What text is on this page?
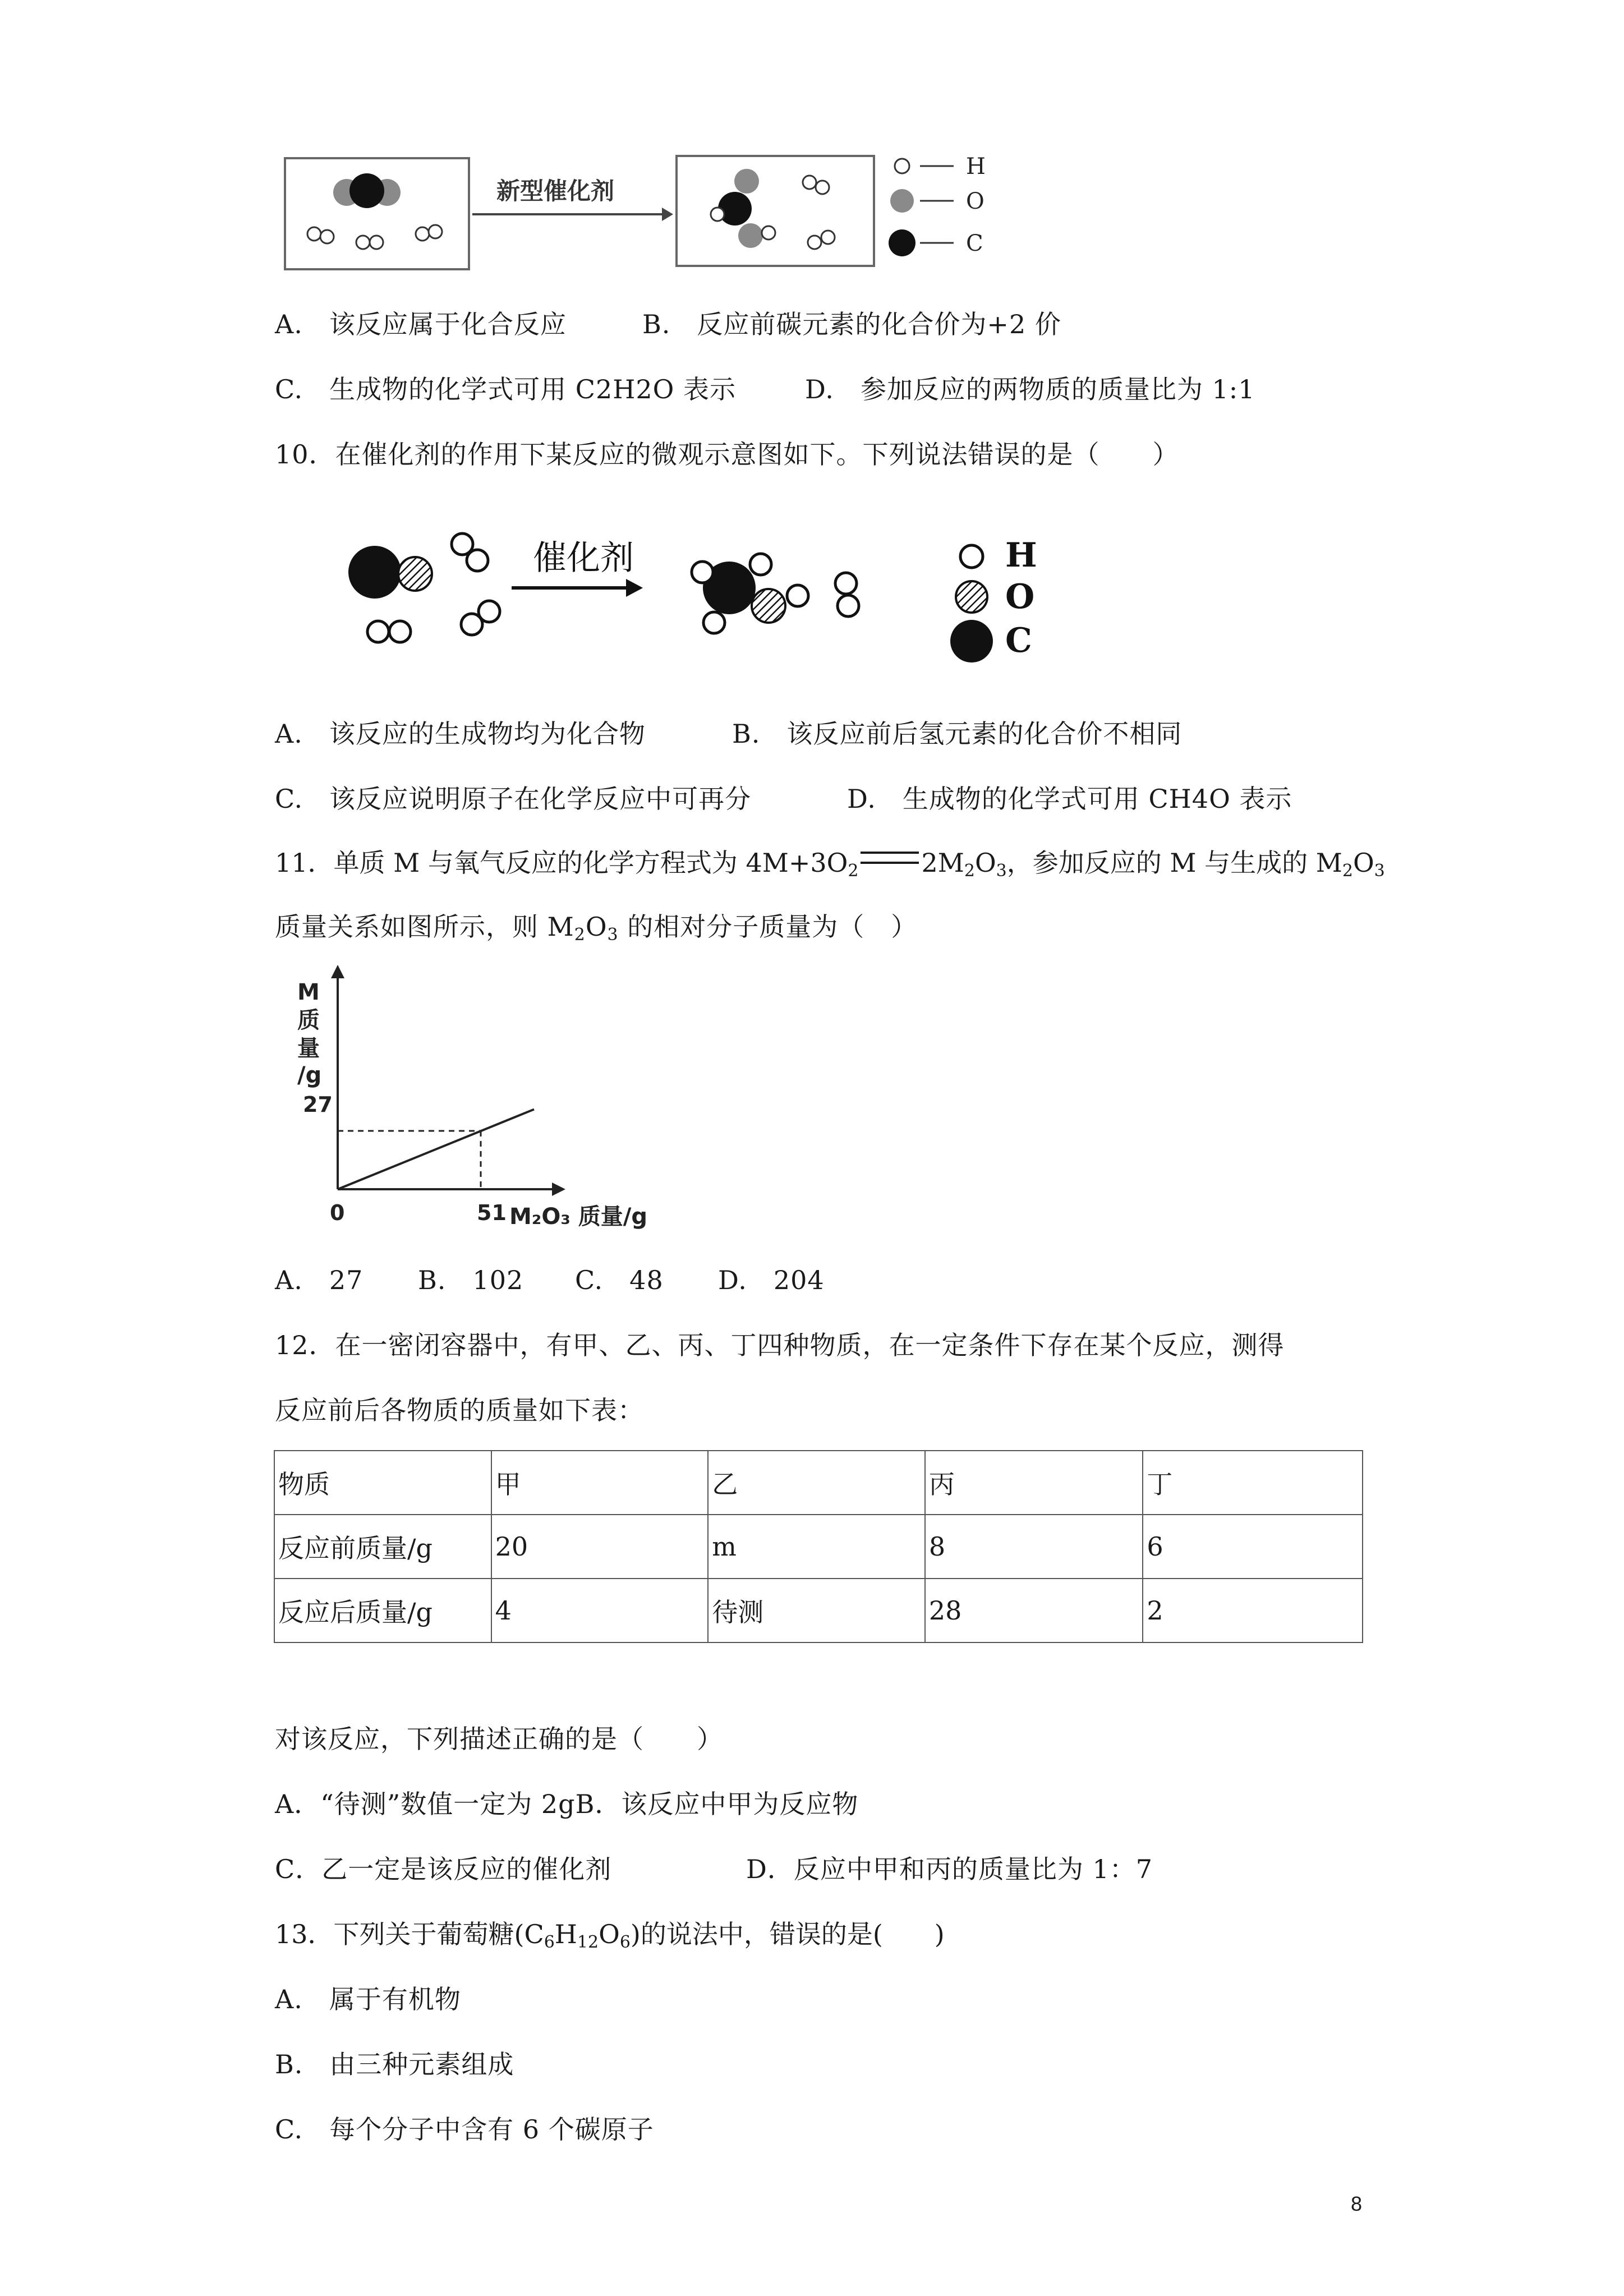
新型催化剂
H
O
C
A.　该反应属于化合反应	B.　反应前碳元素的化合价为+2 价
C.　生成物的化学式可用 C2H2O 表示	D.　参加反应的两物质的质量比为 1:1
10．在催化剂的作用下某反应的微观示意图如下。下列说法错误的是（　　）
催化剂	H
O
C
A.　该反应的生成物均为化合物	B.　该反应前后氢元素的化合价不相同
C.　该反应说明原子在化学反应中可再分	D.　生成物的化学式可用 CH4O 表示
11．单质 M 与氧气反应的化学方程式为 $4M+3O_2$ $2M_2O_3$，参加反应的 M 与生成的 $M_2O_3$
质量关系如图所示，则 $M_2O_3$ 的相对分子质量为（　）
M
质
量
/g
27
0	51 M₂O₃ 质量/g
A.　27 B.　102 C.　48 D.　204
12．在一密闭容器中，有甲、乙、丙、丁四种物质，在一定条件下存在某个反应，测得
反应前后各物质的质量如下表：
物质	甲	乙	丙	丁
反应前质量/g	20	m	8	6
反应后质量/g	4	待测	28	2
对该反应，下列描述正确的是（　　）
A．“待测”数值一定为 2gB．该反应中甲为反应物
C．乙一定是该反应的催化剂	D．反应中甲和丙的质量比为 1：7
13．下列关于葡萄糖$(C_6H_{12}O_6)$的说法中，错误的是(　　)
A.　属于有机物
B.　由三种元素组成
C.　每个分子中含有 6 个碳原子
8
